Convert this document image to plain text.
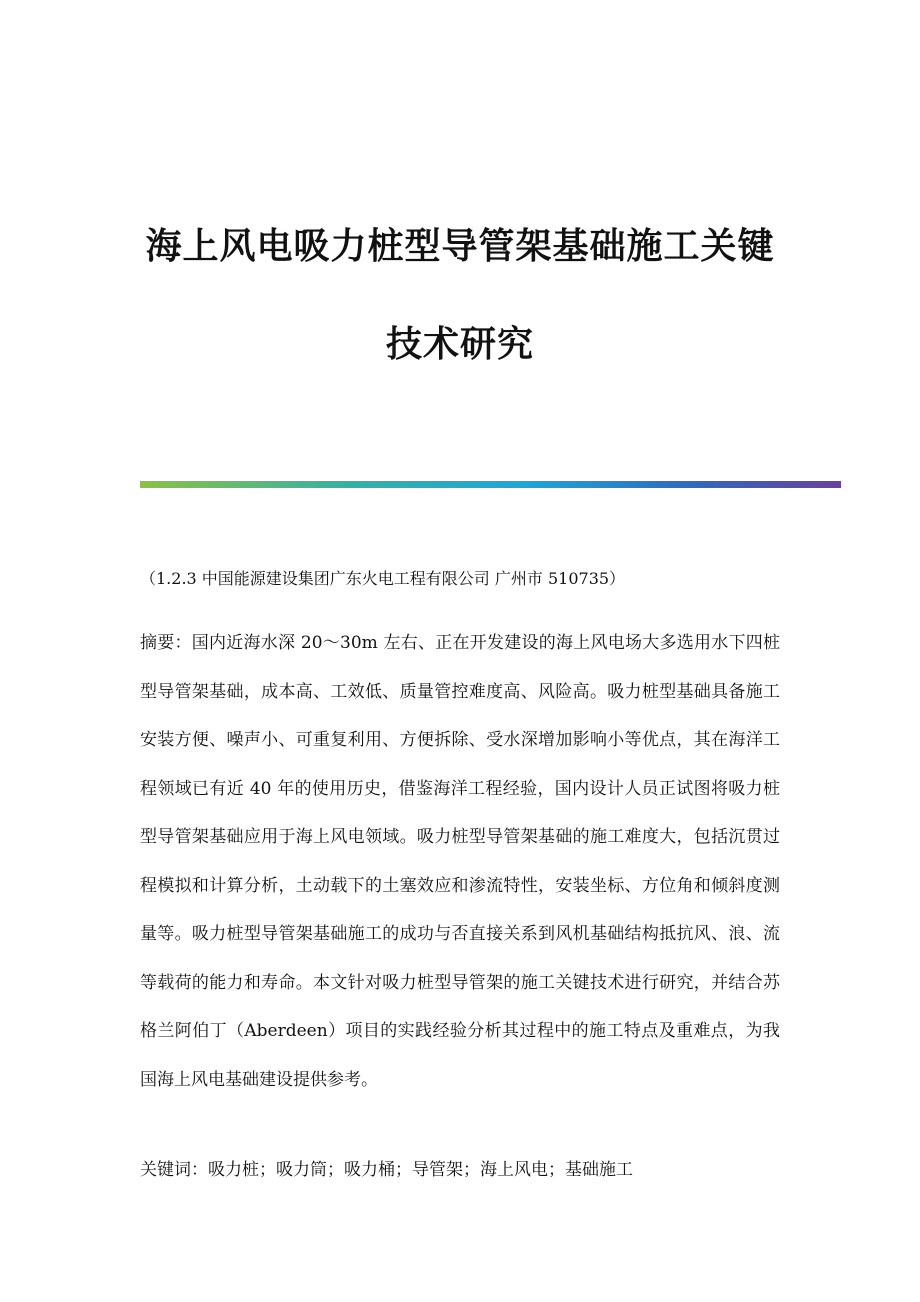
海上风电吸力桩型导管架基础施工关键
技术研究

（1.2.3 中国能源建设集团广东火电工程有限公司 广州市 510735）

摘要：国内近海水深 20～30m 左右、正在开发建设的海上风电场大多选用水下四桩型导管架基础，成本高、工效低、质量管控难度高、风险高。吸力桩型基础具备施工安装方便、噪声小、可重复利用、方便拆除、受水深增加影响小等优点，其在海洋工程领域已有近 40 年的使用历史，借鉴海洋工程经验，国内设计人员正试图将吸力桩型导管架基础应用于海上风电领域。吸力桩型导管架基础的施工难度大，包括沉贯过程模拟和计算分析，土动载下的土塞效应和渗流特性，安装坐标、方位角和倾斜度测量等。吸力桩型导管架基础施工的成功与否直接关系到风机基础结构抵抗风、浪、流等载荷的能力和寿命。本文针对吸力桩型导管架的施工关键技术进行研究，并结合苏格兰阿伯丁（Aberdeen）项目的实践经验分析其过程中的施工特点及重难点，为我国海上风电基础建设提供参考。

关键词：吸力桩；吸力筒；吸力桶；导管架；海上风电；基础施工
